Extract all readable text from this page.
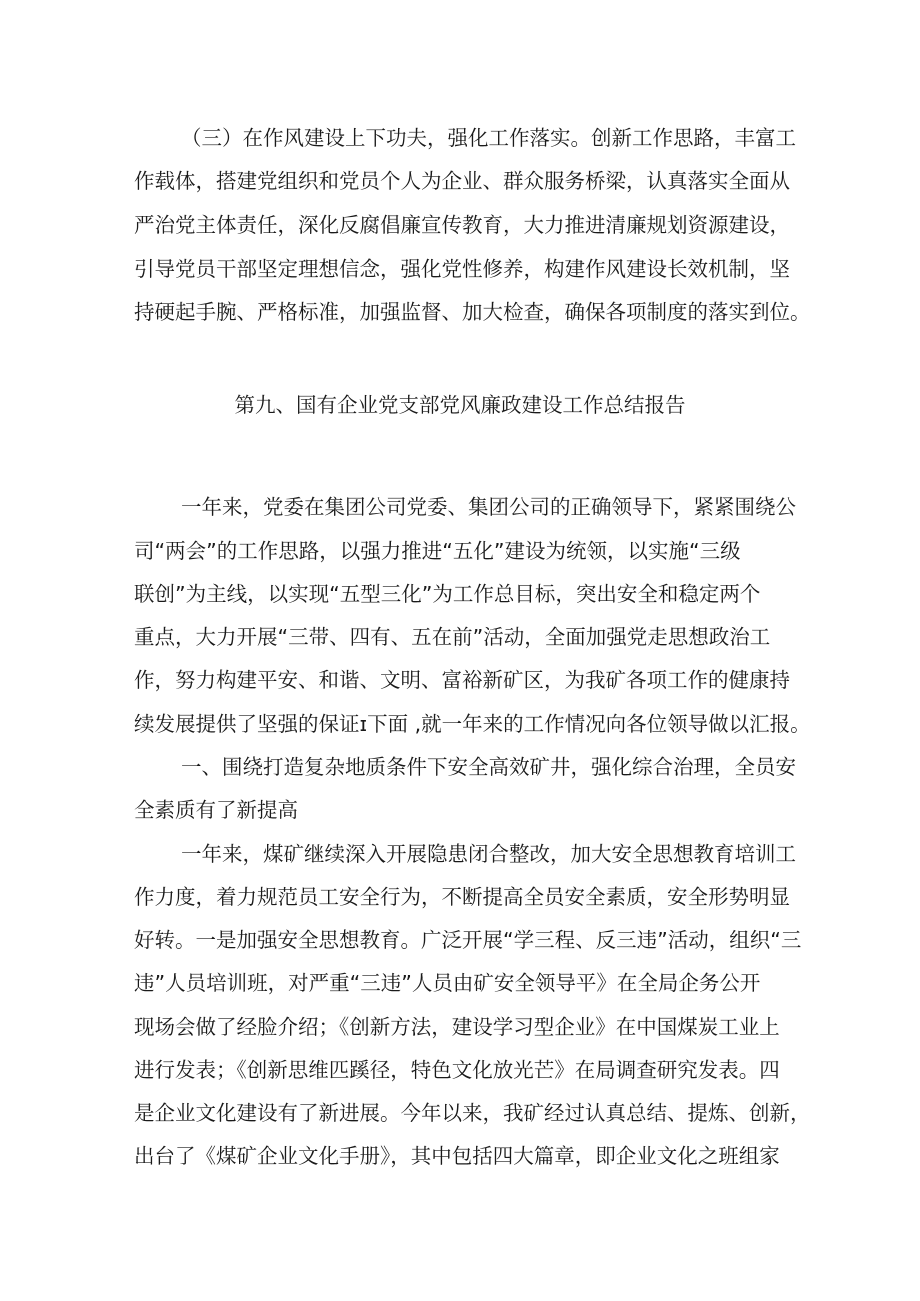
（三）在作风建设上下功夫，强化工作落实。创新工作思路，丰富工
作载体，搭建党组织和党员个人为企业、群众服务桥梁，认真落实全面从
严治党主体责任，深化反腐倡廉宣传教育，大力推进清廉规划资源建设，
引导党员干部坚定理想信念，强化党性修养，构建作风建设长效机制，坚
持硬起手腕、严格标准，加强监督、加大检查，确保各项制度的落实到位。
第九、国有企业党支部党风廉政建设工作总结报告
一年来，党委在集团公司党委、集团公司的正确领导下，紧紧围绕公
司“两会”的工作思路，以强力推进“五化”建设为统领，以实施“三级
联创”为主线，以实现“五型三化”为工作总目标，突出安全和稳定两个
重点，大力开展“三带、四有、五在前”活动，全面加强党走思想政治工
作，努力构建平安、和谐、文明、富裕新矿区，为我矿各项工作的健康持
续发展提供了坚强的保证ɪ下面 ,就一年来的工作情况向各位领导做以汇报。
一、围绕打造复杂地质条件下安全高效矿井，强化综合治理，全员安
全素质有了新提高
一年来，煤矿继续深入开展隐患闭合整改，加大安全思想教育培训工
作力度，着力规范员工安全行为，不断提高全员安全素质，安全形势明显
好转。一是加强安全思想教育。广泛开展“学三程、反三违”活动，组织“三
违”人员培训班，对严重“三违”人员由矿安全领导平》在全局企务公开
现场会做了经脸介绍；《创新方法，建设学习型企业》在中国煤炭工业上
进行发表；《创新思维匹蹊径，特色文化放光芒》在局调查研究发表。四
是企业文化建设有了新进展。今年以来，我矿经过认真总结、提炼、创新，
出台了《煤矿企业文化手册》，其中包括四大篇章，即企业文化之班组家
